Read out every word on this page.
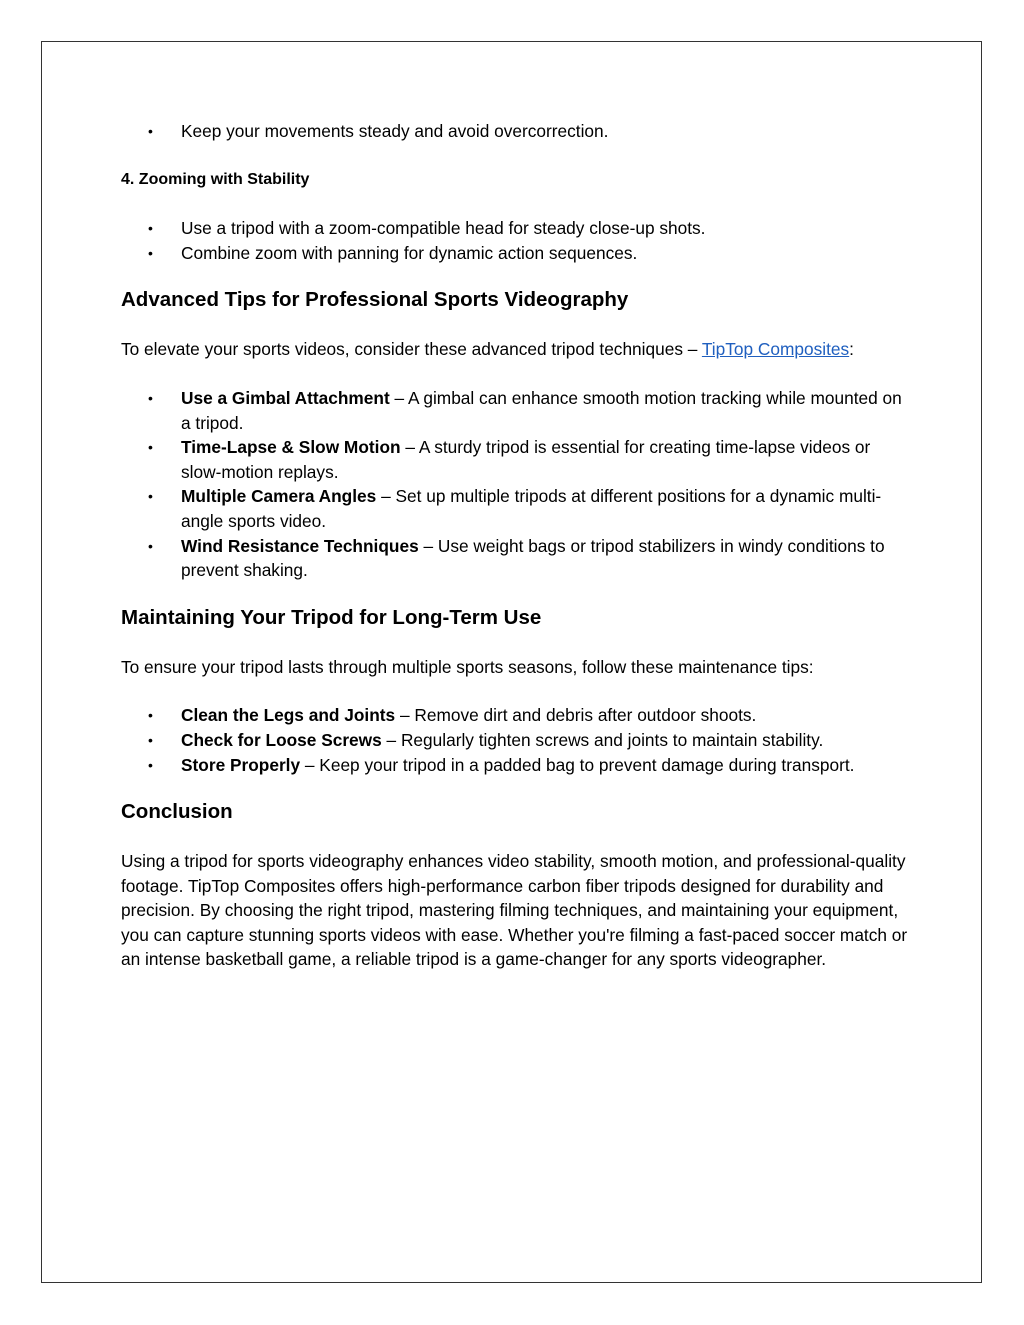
• Keep your movements steady and avoid overcorrection.

4. Zooming with Stability

• Use a tripod with a zoom-compatible head for steady close-up shots.
• Combine zoom with panning for dynamic action sequences.

Advanced Tips for Professional Sports Videography

To elevate your sports videos, consider these advanced tripod techniques – TipTop Composites:

• Use a Gimbal Attachment – A gimbal can enhance smooth motion tracking while mounted on a tripod.
• Time-Lapse & Slow Motion – A sturdy tripod is essential for creating time-lapse videos or slow-motion replays.
• Multiple Camera Angles – Set up multiple tripods at different positions for a dynamic multi-angle sports video.
• Wind Resistance Techniques – Use weight bags or tripod stabilizers in windy conditions to prevent shaking.

Maintaining Your Tripod for Long-Term Use

To ensure your tripod lasts through multiple sports seasons, follow these maintenance tips:

• Clean the Legs and Joints – Remove dirt and debris after outdoor shoots.
• Check for Loose Screws – Regularly tighten screws and joints to maintain stability.
• Store Properly – Keep your tripod in a padded bag to prevent damage during transport.

Conclusion

Using a tripod for sports videography enhances video stability, smooth motion, and professional-quality footage. TipTop Composites offers high-performance carbon fiber tripods designed for durability and precision. By choosing the right tripod, mastering filming techniques, and maintaining your equipment, you can capture stunning sports videos with ease. Whether you're filming a fast-paced soccer match or an intense basketball game, a reliable tripod is a game-changer for any sports videographer.
